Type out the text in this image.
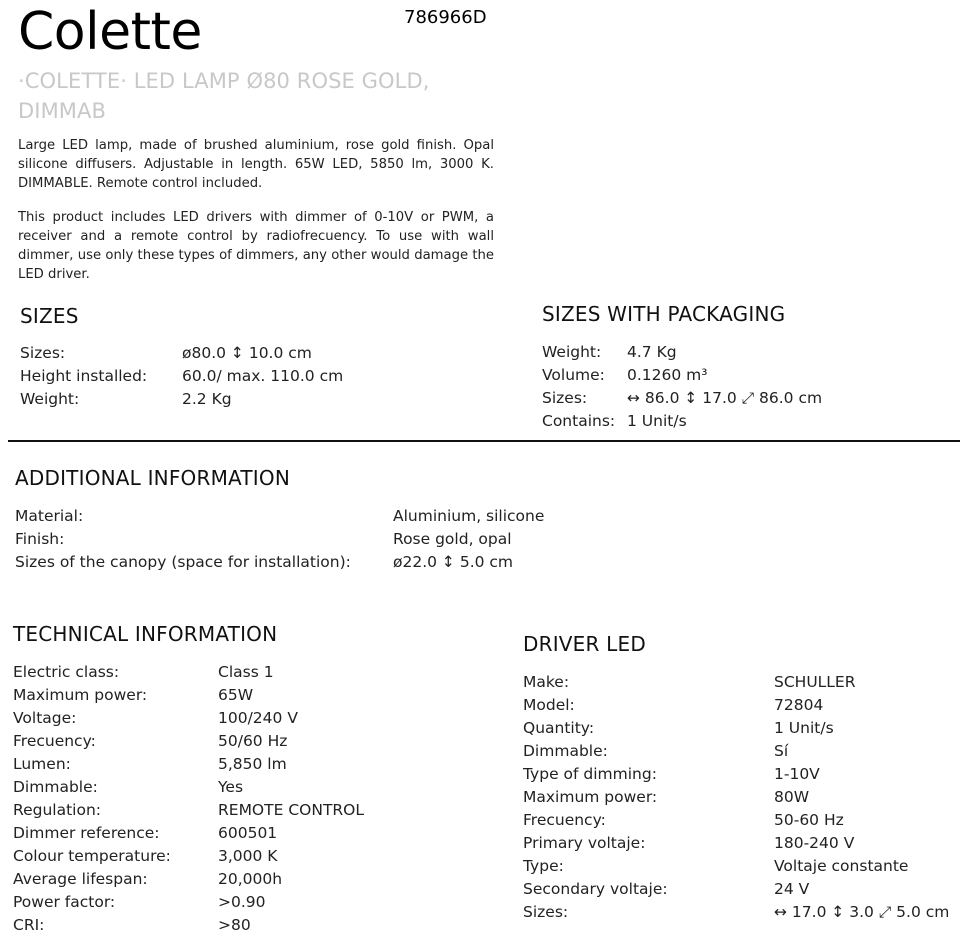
Colette	786966D
·COLETTE· LED LAMP Ø80 ROSE GOLD, DIMMAB
Large LED lamp, made of brushed aluminium, rose gold finish. Opal silicone diffusers. Adjustable in length. 65W LED, 5850 lm, 3000 K. DIMMABLE. Remote control included.
This product includes LED drivers with dimmer of 0-10V or PWM, a receiver and a remote control by radiofrecuency. To use with wall dimmer, use only these types of dimmers, any other would damage the LED driver.
SIZES
Sizes:	ø80.0 ↕ 10.0 cm
Height installed: 60.0/ max. 110.0 cm
Weight:	2.2 Kg
SIZES WITH PACKAGING
Weight: 4.7 Kg
Volume: 0.1260 m³
Sizes:	↔ 86.0 ↕ 17.0 ⤢ 86.0 cm
Contains: 1 Unit/s
ADDITIONAL INFORMATION
Material:	Aluminium, silicone
Finish:	Rose gold, opal
Sizes of the canopy (space for installation):	ø22.0 ↕ 5.0 cm
TECHNICAL INFORMATION
Electric class:	Class 1
Maximum power:	65W
Voltage:	100/240 V
Frecuency:	50/60 Hz
Lumen:	5,850 lm
Dimmable:	Yes
Regulation:	REMOTE CONTROL
Dimmer reference:	600501
Colour temperature:	3,000 K
Average lifespan:	20,000h
Power factor:	>0.90
CRI:	>80
DRIVER LED
Make:	SCHULLER
Model:	72804
Quantity:	1 Unit/s
Dimmable:	Sí
Type of dimming:	1-10V
Maximum power:	80W
Frecuency:	50-60 Hz
Primary voltaje:	180-240 V
Type:	Voltaje constante
Secondary voltaje:	24 V
Sizes:	↔ 17.0 ↕ 3.0 ⤢ 5.0 cm
